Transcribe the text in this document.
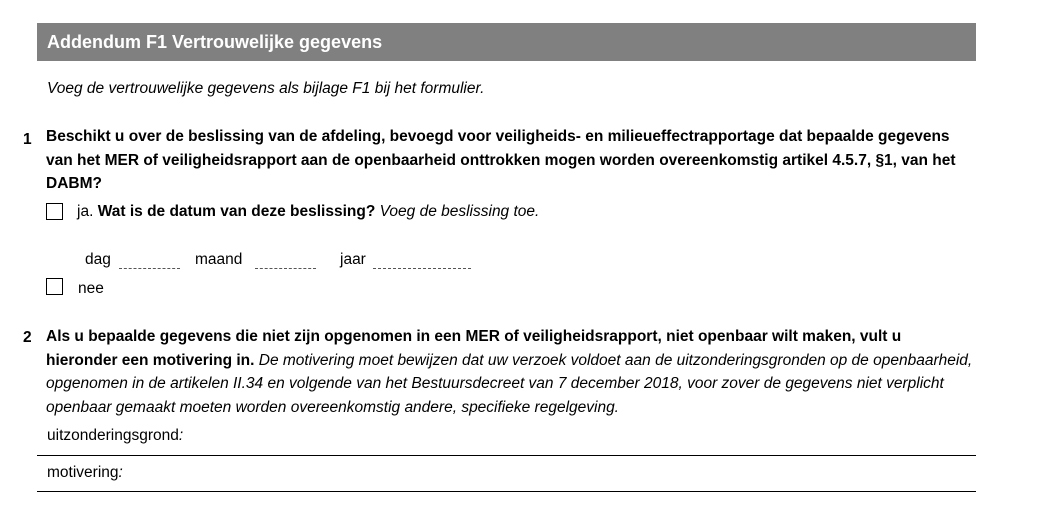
Addendum F1 Vertrouwelijke gegevens
Voeg de vertrouwelijke gegevens als bijlage F1 bij het formulier.
1 Beschikt u over de beslissing van de afdeling, bevoegd voor veiligheids- en milieueffectrapportage dat bepaalde gegevens van het MER of veiligheidsrapport aan de openbaarheid onttrokken mogen worden overeenkomstig artikel 4.5.7, §1, van het DABM?
ja. Wat is de datum van deze beslissing? Voeg de beslissing toe.
dag	maand	jaar
nee
2 Als u bepaalde gegevens die niet zijn opgenomen in een MER of veiligheidsrapport, niet openbaar wilt maken, vult u hieronder een motivering in. De motivering moet bewijzen dat uw verzoek voldoet aan de uitzonderingsgronden op de openbaarheid, opgenomen in de artikelen II.34 en volgende van het Bestuursdecreet van 7 december 2018, voor zover de gegevens niet verplicht openbaar gemaakt moeten worden overeenkomstig andere, specifieke regelgeving.
uitzonderingsgrond:
motivering:
